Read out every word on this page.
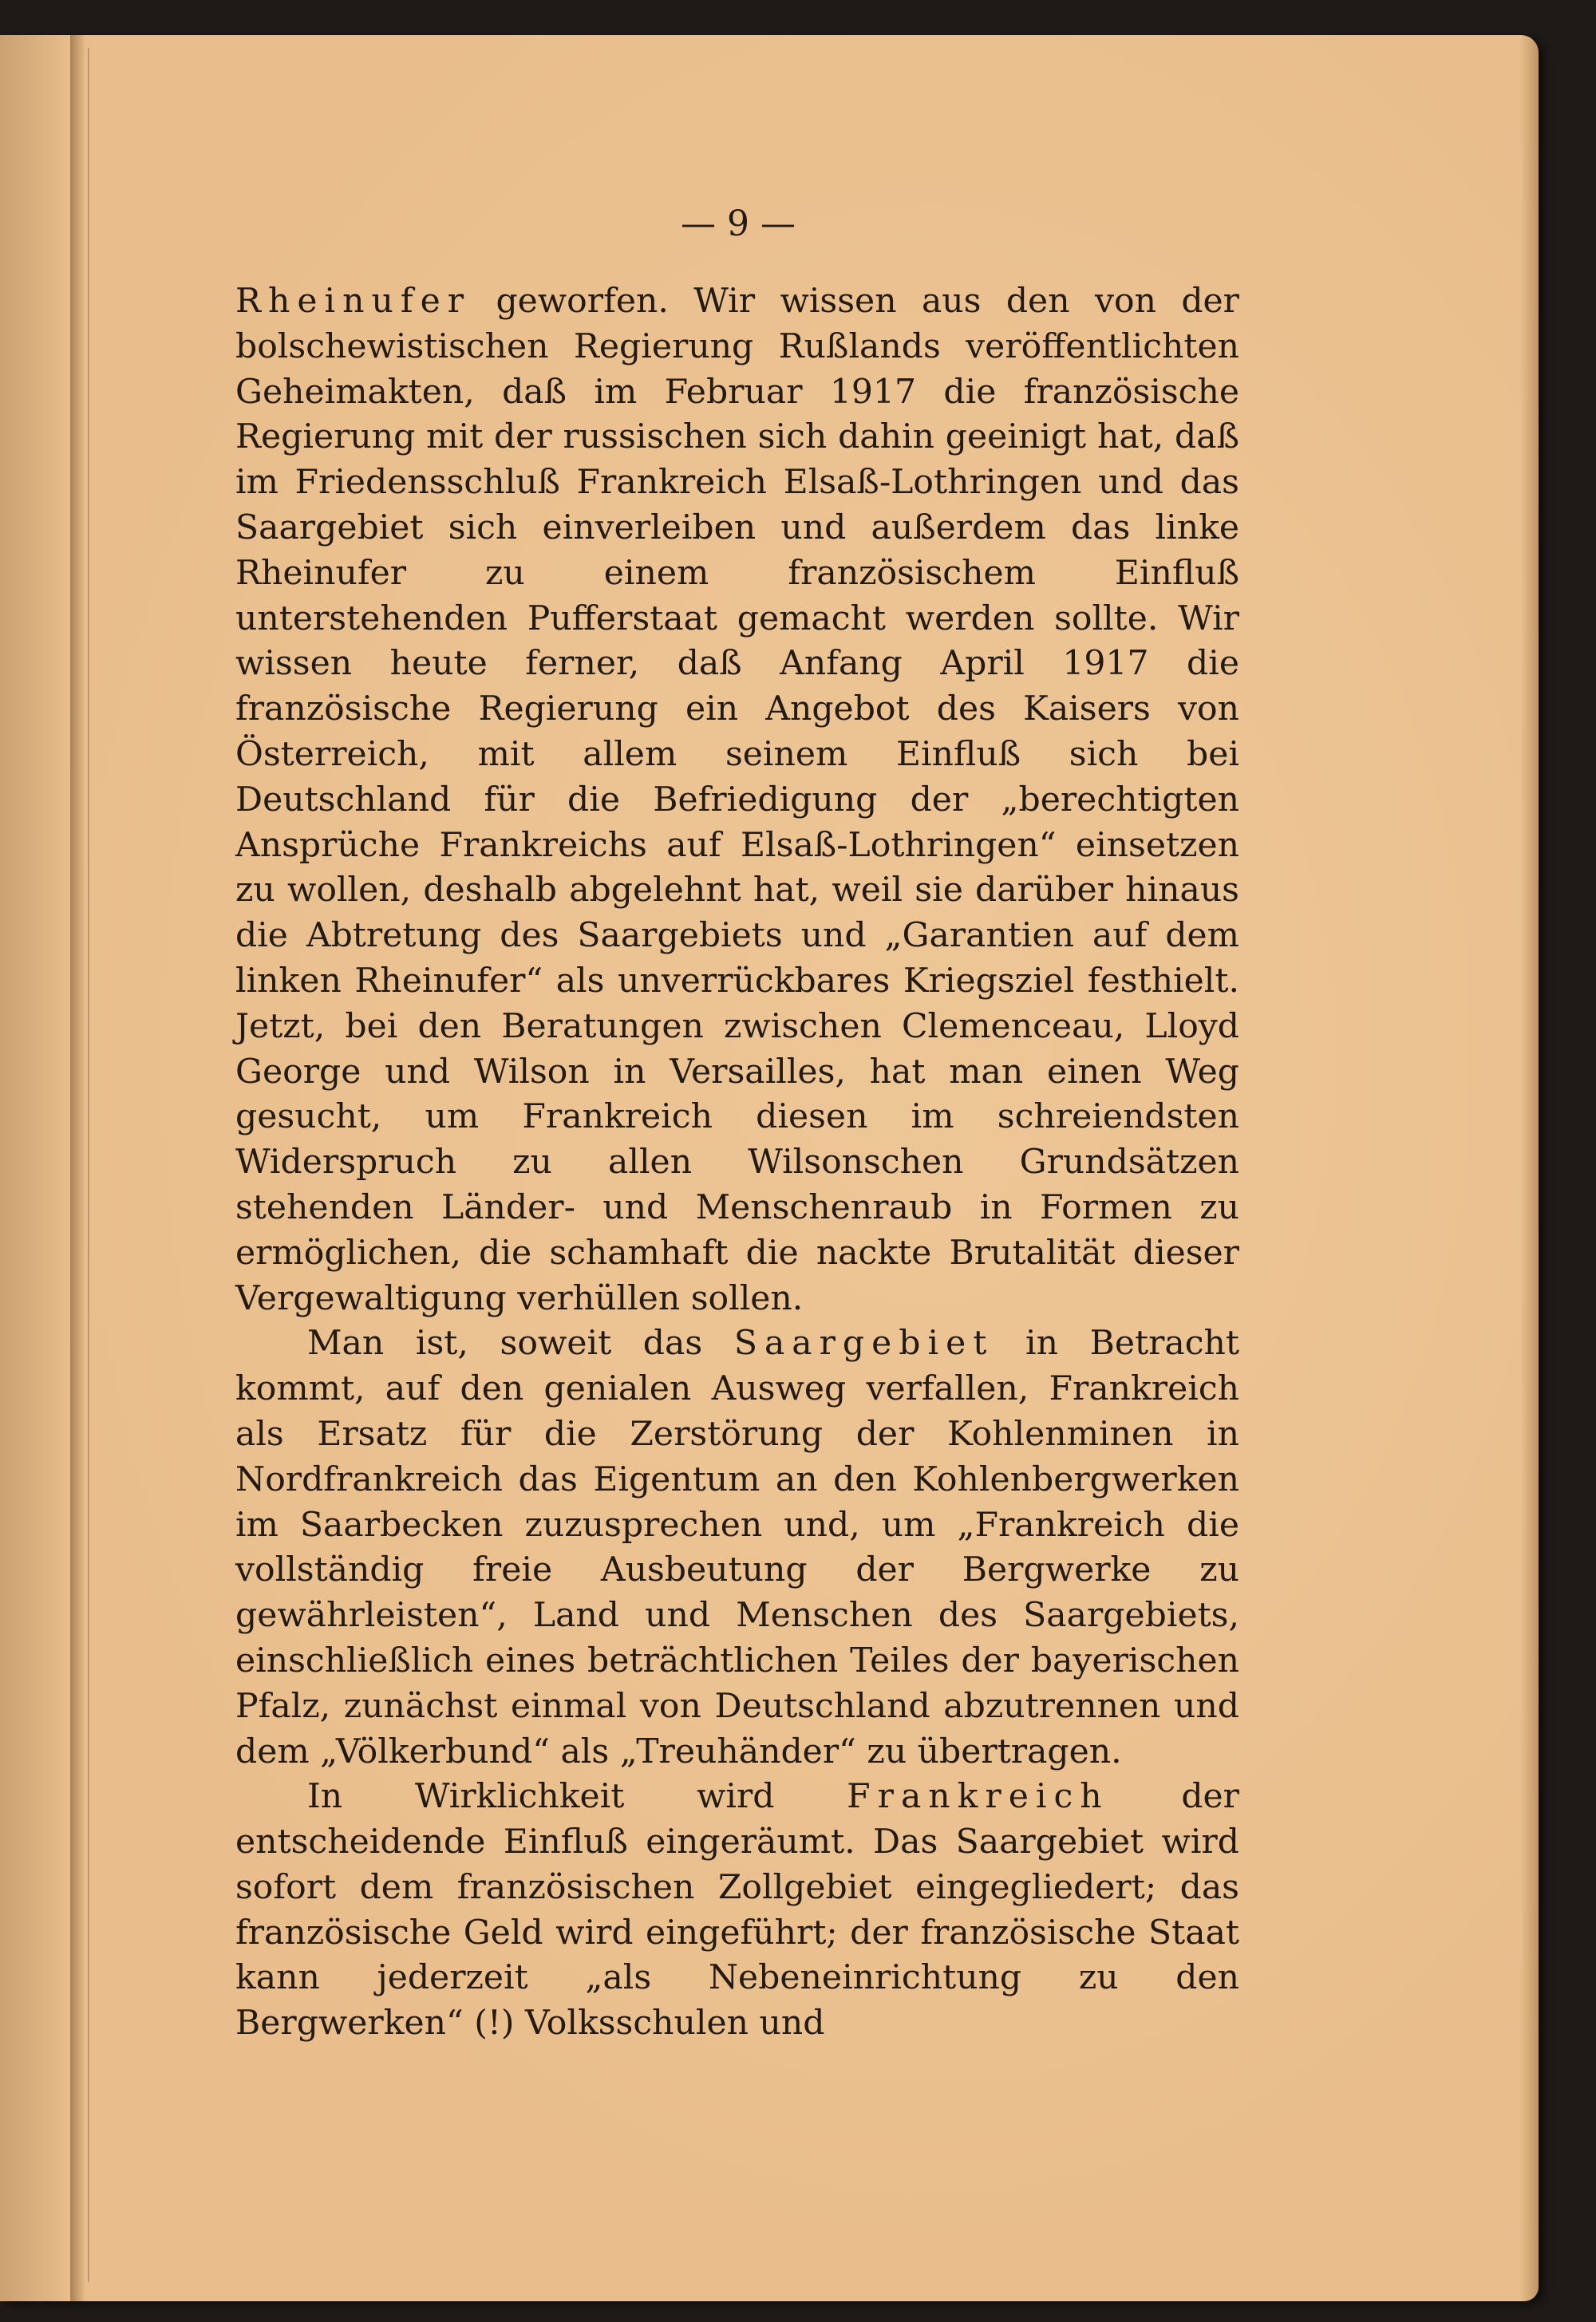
— 9 —

Rheinufer geworfen. Wir wissen aus den von der bolschewistischen Regierung Rußlands veröffentlichten Geheimakten, daß im Februar 1917 die französische Regierung mit der russischen sich dahin geeinigt hat, daß im Friedensschluß Frankreich Elsaß-Lothringen und das Saargebiet sich einverleiben und außerdem das linke Rheinufer zu einem französischem Einfluß unterstehenden Pufferstaat gemacht werden sollte. Wir wissen heute ferner, daß Anfang April 1917 die französische Regierung ein Angebot des Kaisers von Österreich, mit allem seinem Einfluß sich bei Deutschland für die Befriedigung der „berechtigten Ansprüche Frankreichs auf Elsaß-Lothringen“ einsetzen zu wollen, deshalb abgelehnt hat, weil sie darüber hinaus die Abtretung des Saargebiets und „Garantien auf dem linken Rheinufer“ als unverrückbares Kriegsziel festhielt. Jetzt, bei den Beratungen zwischen Clemenceau, Lloyd George und Wilson in Versailles, hat man einen Weg gesucht, um Frankreich diesen im schreiendsten Widerspruch zu allen Wilsonschen Grundsätzen stehenden Länder- und Menschenraub in Formen zu ermöglichen, die schamhaft die nackte Brutalität dieser Vergewaltigung verhüllen sollen.

Man ist, soweit das Saargebiet in Betracht kommt, auf den genialen Ausweg verfallen, Frankreich als Ersatz für die Zerstörung der Kohlenminen in Nordfrankreich das Eigentum an den Kohlenbergwerken im Saarbecken zuzusprechen und, um „Frankreich die vollständig freie Ausbeutung der Bergwerke zu gewährleisten“, Land und Menschen des Saargebiets, einschließlich eines beträchtlichen Teiles der bayerischen Pfalz, zunächst einmal von Deutschland abzutrennen und dem „Völkerbund“ als „Treuhänder“ zu übertragen.

In Wirklichkeit wird Frankreich der entscheidende Einfluß eingeräumt. Das Saargebiet wird sofort dem französischen Zollgebiet eingegliedert; das französische Geld wird eingeführt; der französische Staat kann jederzeit „als Nebeneinrichtung zu den Bergwerken“ (!) Volksschulen und
